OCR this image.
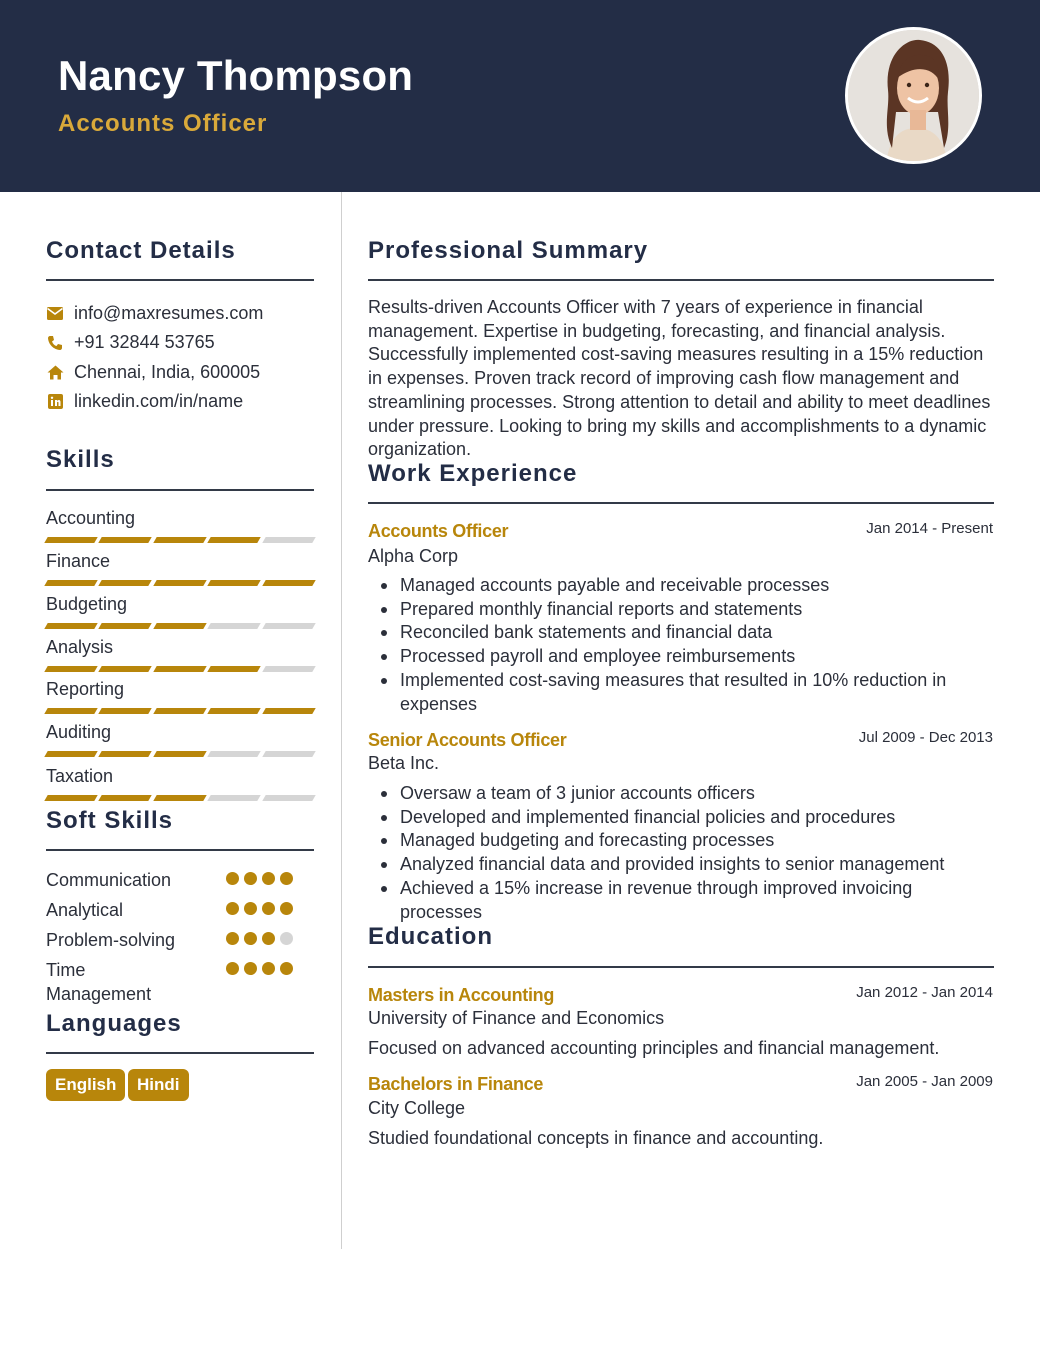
Nancy Thompson
Accounts Officer
Contact Details
info@maxresumes.com
+91 32844 53765
Chennai, India, 600005
linkedin.com/in/name
Skills
Accounting
Finance
Budgeting
Analysis
Reporting
Auditing
Taxation
Soft Skills
Communication
Analytical
Problem-solving
Time Management
Languages
English	Hindi
Professional Summary
Results-driven Accounts Officer with 7 years of experience in financial management. Expertise in budgeting, forecasting, and financial analysis. Successfully implemented cost-saving measures resulting in a 15% reduction in expenses. Proven track record of improving cash flow management and streamlining processes. Strong attention to detail and ability to meet deadlines under pressure. Looking to bring my skills and accomplishments to a dynamic organization.
Work Experience
Accounts Officer	Jan 2014 - Present
Alpha Corp
Managed accounts payable and receivable processes
Prepared monthly financial reports and statements
Reconciled bank statements and financial data
Processed payroll and employee reimbursements
Implemented cost-saving measures that resulted in 10% reduction in expenses
Senior Accounts Officer	Jul 2009 - Dec 2013
Beta Inc.
Oversaw a team of 3 junior accounts officers
Developed and implemented financial policies and procedures
Managed budgeting and forecasting processes
Analyzed financial data and provided insights to senior management
Achieved a 15% increase in revenue through improved invoicing processes
Education
Masters in Accounting	Jan 2012 - Jan 2014
University of Finance and Economics
Focused on advanced accounting principles and financial management.
Bachelors in Finance	Jan 2005 - Jan 2009
City College
Studied foundational concepts in finance and accounting.
